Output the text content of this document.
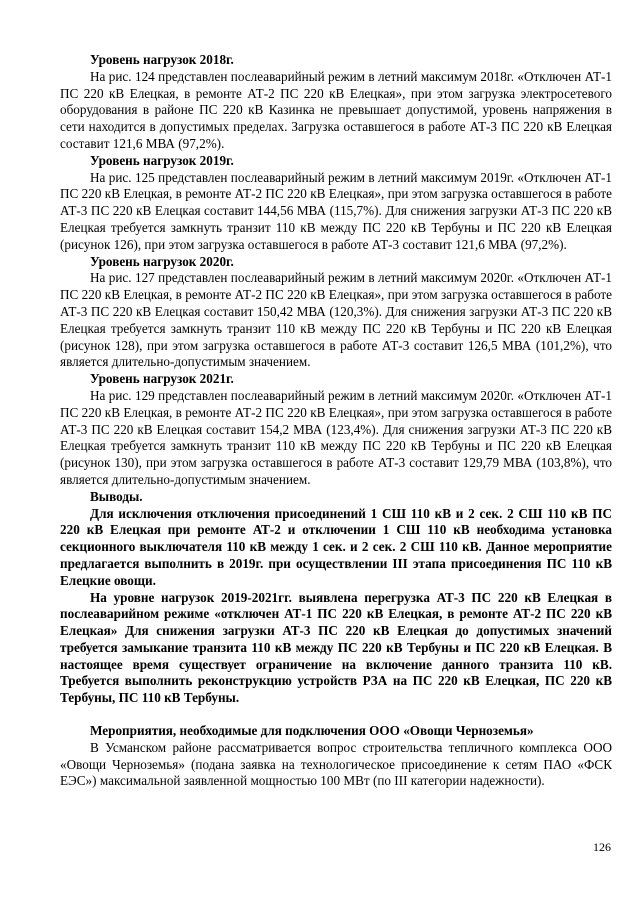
Уровень нагрузок 2018г.

На рис. 124 представлен послеаварийный режим в летний максимум 2018г. «Отключен АТ-1 ПС 220 кВ Елецкая, в ремонте АТ-2 ПС 220 кВ Елецкая», при этом загрузка электросетевого оборудования в районе ПС 220 кВ Казинка не превышает допустимой, уровень напряжения в сети находится в допустимых пределах. Загрузка оставшегося в работе АТ-3 ПС 220 кВ Елецкая составит 121,6 МВА (97,2%).

Уровень нагрузок 2019г.

На рис. 125 представлен послеаварийный режим в летний максимум 2019г. «Отключен АТ-1 ПС 220 кВ Елецкая, в ремонте АТ-2 ПС 220 кВ Елецкая», при этом загрузка оставшегося в работе АТ-3 ПС 220 кВ Елецкая составит 144,56 МВА (115,7%). Для снижения загрузки АТ-3 ПС 220 кВ Елецкая требуется замкнуть транзит 110 кВ между ПС 220 кВ Тербуны и ПС 220 кВ Елецкая (рисунок 126), при этом загрузка оставшегося в работе АТ-3 составит 121,6 МВА (97,2%).

Уровень нагрузок 2020г.

На рис. 127 представлен послеаварийный режим в летний максимум 2020г. «Отключен АТ-1 ПС 220 кВ Елецкая, в ремонте АТ-2 ПС 220 кВ Елецкая», при этом загрузка оставшегося в работе АТ-3 ПС 220 кВ Елецкая составит 150,42 МВА (120,3%). Для снижения загрузки АТ-3 ПС 220 кВ Елецкая требуется замкнуть транзит 110 кВ между ПС 220 кВ Тербуны и ПС 220 кВ Елецкая (рисунок 128), при этом загрузка оставшегося в работе АТ-3 составит 126,5 МВА (101,2%), что является длительно-допустимым значением.

Уровень нагрузок 2021г.

На рис. 129 представлен послеаварийный режим в летний максимум 2020г. «Отключен АТ-1 ПС 220 кВ Елецкая, в ремонте АТ-2 ПС 220 кВ Елецкая», при этом загрузка оставшегося в работе АТ-3 ПС 220 кВ Елецкая составит 154,2 МВА (123,4%). Для снижения загрузки АТ-3 ПС 220 кВ Елецкая требуется замкнуть транзит 110 кВ между ПС 220 кВ Тербуны и ПС 220 кВ Елецкая (рисунок 130), при этом загрузка оставшегося в работе АТ-3 составит 129,79 МВА (103,8%), что является длительно-допустимым значением.

Выводы.

Для исключения отключения присоединений 1 СШ 110 кВ и 2 сек. 2 СШ 110 кВ ПС 220 кВ Елецкая при ремонте АТ-2 и отключении 1 СШ 110 кВ необходима установка секционного выключателя 110 кВ между 1 сек. и 2 сек. 2 СШ 110 кВ. Данное мероприятие предлагается выполнить в 2019г. при осуществлении III этапа присоединения ПС 110 кВ Елецкие овощи.

На уровне нагрузок 2019-2021гг. выявлена перегрузка АТ-3 ПС 220 кВ Елецкая в послеаварийном режиме «отключен АТ-1 ПС 220 кВ Елецкая, в ремонте АТ-2 ПС 220 кВ Елецкая» Для снижения загрузки АТ-3 ПС 220 кВ Елецкая до допустимых значений требуется замыкание транзита 110 кВ между ПС 220 кВ Тербуны и ПС 220 кВ Елецкая. В настоящее время существует ограничение на включение данного транзита 110 кВ. Требуется выполнить реконструкцию устройств РЗА на ПС 220 кВ Елецкая, ПС 220 кВ Тербуны, ПС 110 кВ Тербуны.

Мероприятия, необходимые для подключения ООО «Овощи Черноземья»

В Усманском районе рассматривается вопрос строительства тепличного комплекса ООО «Овощи Черноземья» (подана заявка на технологическое присоединение к сетям ПАО «ФСК ЕЭС») максимальной заявленной мощностью 100 МВт (по III категории надежности).

126
